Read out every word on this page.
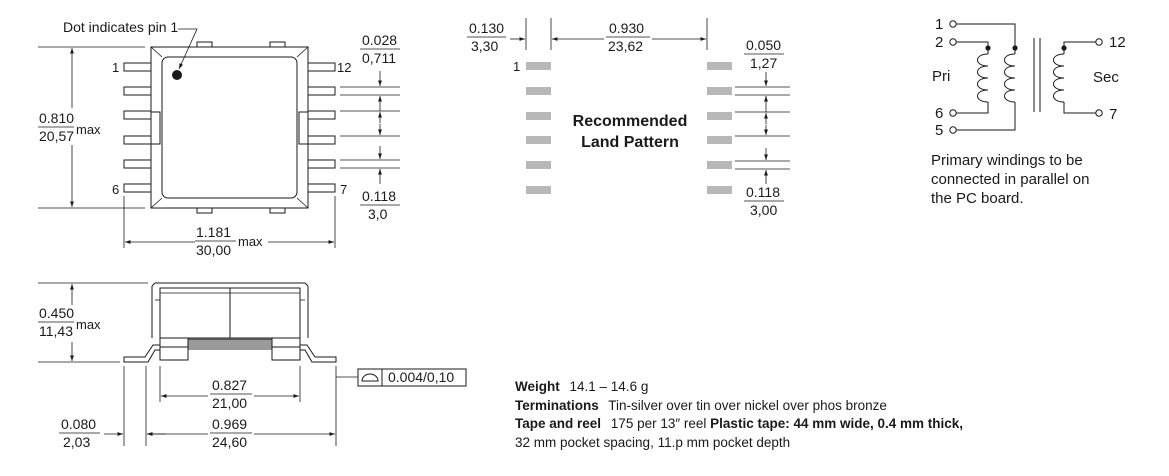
1
6	7
12
Dot indicates pin 1
0.810
20,57 max
1.181
30,00
max
0.028
0,711
0.118
3,0
1
Recommended
Land Pattern
0.130
3,30
0.930
23,62	0.050
1,27
0.118
3,00
1
2
6
5
12
7
Pri	Sec
Primary windings to be
connected in parallel on
the PC board.
0.450
11,43 max
0.827
21,00
0.969
24,60
0.080
2,03
0.004/0,10
Weight 14.1 – 14.6 g
Terminations Tin-silver over tin over nickel over phos bronze
Tape and reel 175 per 13″ reel Plastic tape: 44 mm wide, 0.4 mm thick,
32 mm pocket spacing, 11.p mm pocket depth
